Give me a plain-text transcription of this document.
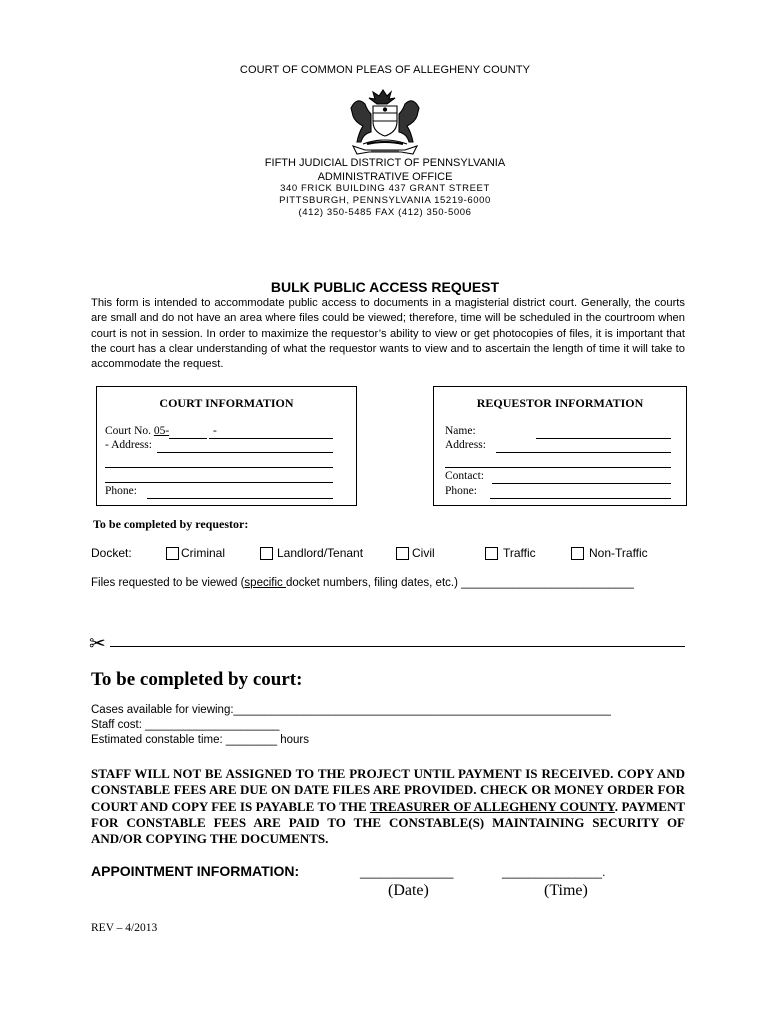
COURT OF COMMON PLEAS OF ALLEGHENY COUNTY
FIFTH JUDICIAL DISTRICT OF PENNSYLVANIA
ADMINISTRATIVE OFFICE
340 FRICK BUILDING 437 GRANT STREET
PITTSBURGH, PENNSYLVANIA 15219-6000
(412) 350-5485 FAX (412) 350-5006
BULK PUBLIC ACCESS REQUEST
This form is intended to accommodate public access to documents in a magisterial district court. Generally, the courts are small and do not have an area where files could be viewed; therefore, time will be scheduled in the courtroom when court is not in session. In order to maximize the requestor’s ability to view or get photocopies of files, it is important that the court has a clear understanding of what the requestor wants to view and to ascertain the length of time it will take to accommodate the request.
COURT INFORMATION
Court No. 05-	-
- Address:
Phone:
REQUESTOR INFORMATION
Name:
Address:
Contact:
Phone:
To be completed by requestor:
Docket:	Criminal	Landlord/Tenant	Civil	Traffic	Non-Traffic
Files requested to be viewed (specific docket numbers, filing dates, etc.) ___________________________
✂
To be completed by court:
Cases available for viewing:___________________________________________________________
Staff cost: _____________________
Estimated constable time: ________ hours
STAFF WILL NOT BE ASSIGNED TO THE PROJECT UNTIL PAYMENT IS RECEIVED. COPY AND CONSTABLE FEES ARE DUE ON DATE FILES ARE PROVIDED. CHECK OR MONEY ORDER FOR COURT AND COPY FEE IS PAYABLE TO THE TREASURER OF ALLEGHENY COUNTY. PAYMENT FOR CONSTABLE FEES ARE PAID TO THE CONSTABLE(S) MAINTAINING SECURITY OF AND/OR COPYING THE DOCUMENTS.
APPOINTMENT INFORMATION:	______________	_______________.
(Date)	(Time)
REV – 4/2013
